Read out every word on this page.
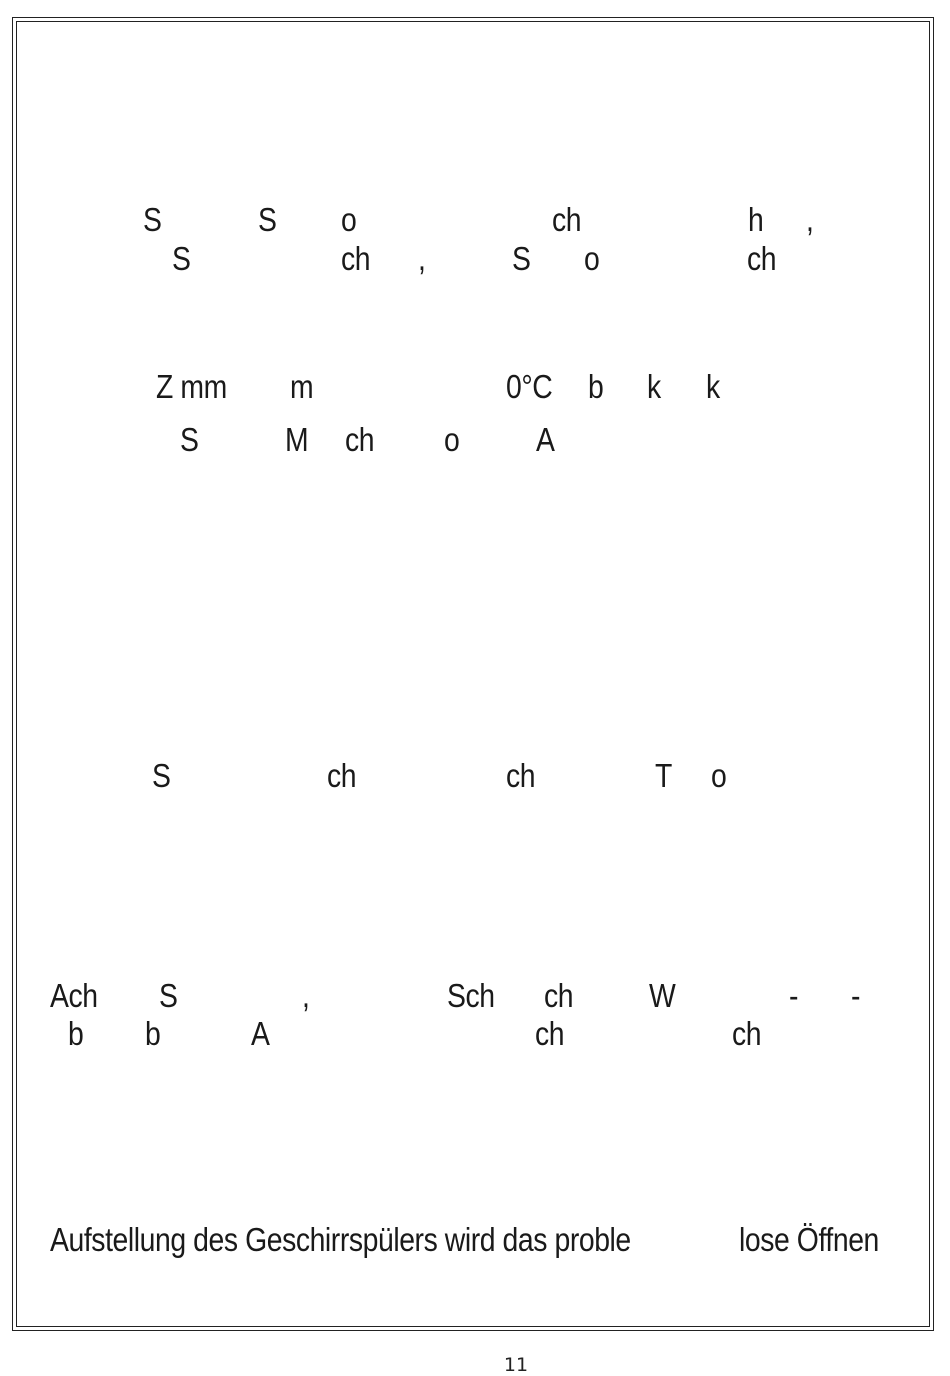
S	S o	ch	h ,
S	ch ,	S o	ch
Z mm m	0°C b k k
S	M ch o A
S	ch	ch	T o
Ach S	,	Sch ch W	- -
b b	A	ch	ch
Aufstellung des Geschirrspülers wird das proble	lose Öffnen
11
